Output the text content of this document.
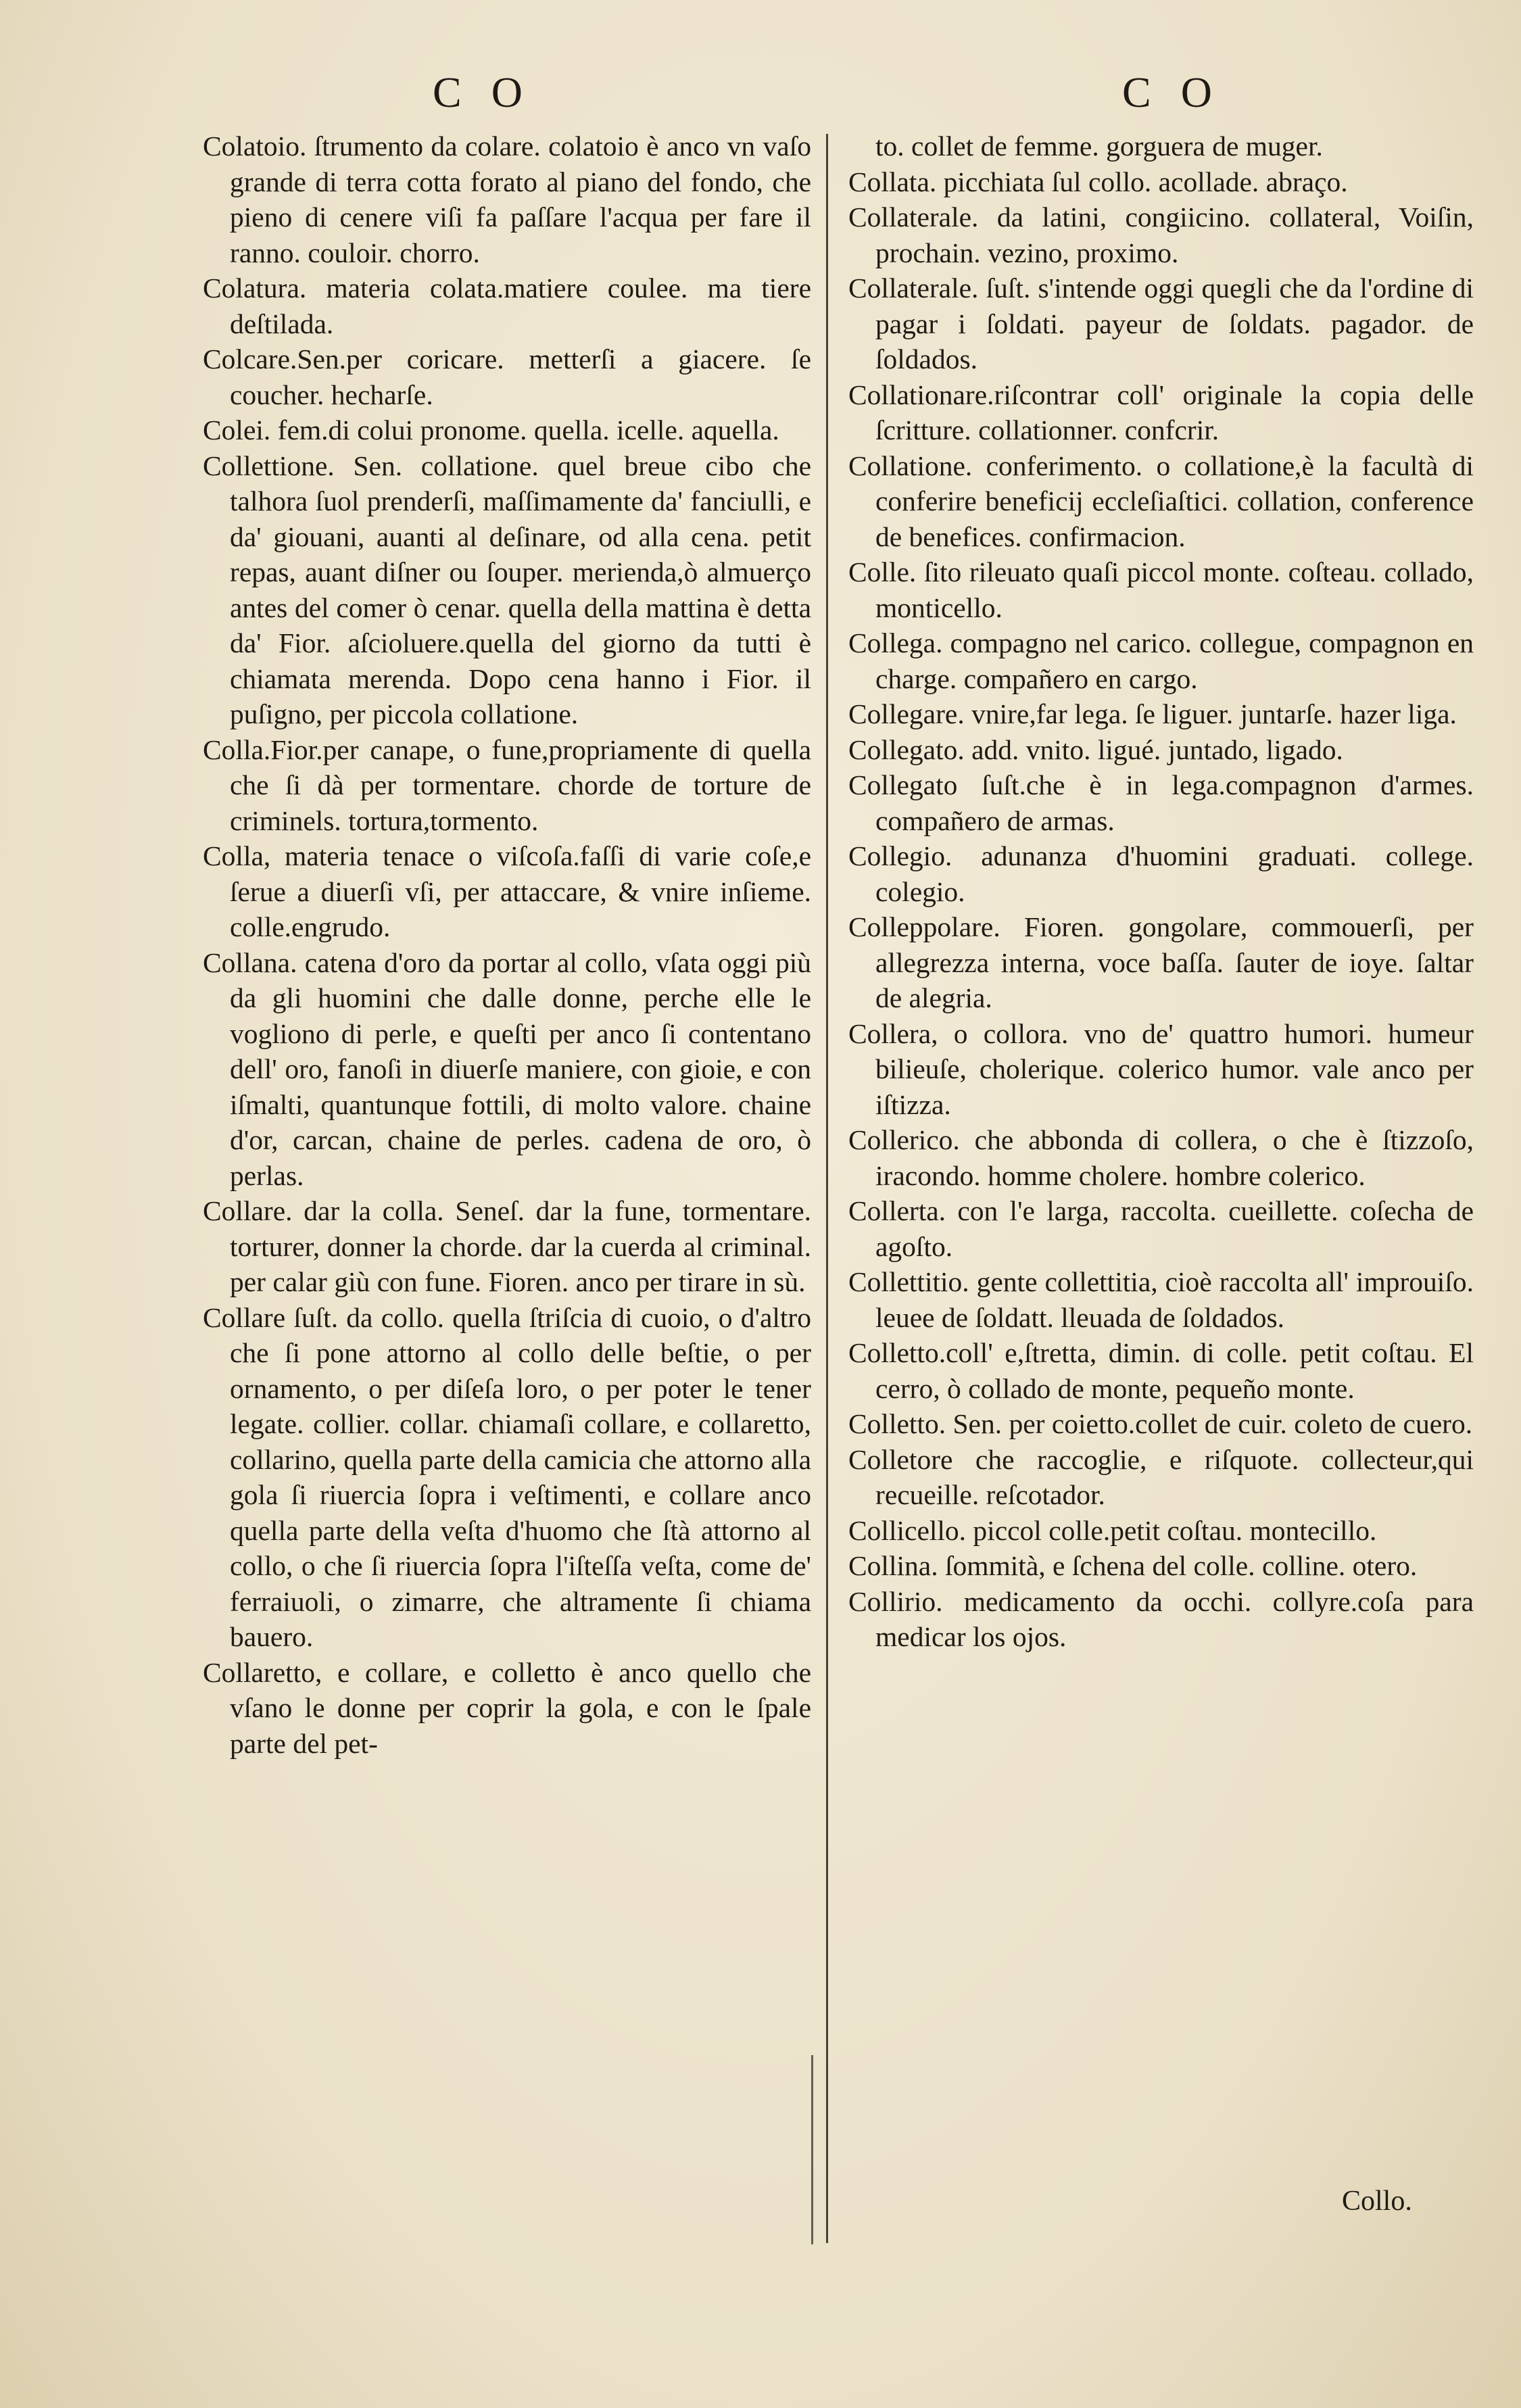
C O	C O

Colatoio. ſtrumento da colare. colatoio è anco vn vaſo grande di terra cotta forato al piano del fondo, che pieno di cenere viſi fa paſſare l'acqua per fare il ranno. couloir. chorro.

Colatura. materia colata.matiere coulee. ma tiere deſtilada.

Colcare.Sen.per coricare. metterſi a giacere. ſe coucher. hecharſe.

Colei. fem.di colui pronome. quella. icelle. aquella.

Collettione. Sen. collatione. quel breue cibo che talhora ſuol prenderſi, maſſimamente da' fanciulli, e da' giouani, auanti al deſinare, od alla cena. petit repas, auant diſner ou ſouper. merienda,ò almuerço antes del comer ò cenar. quella della mattina è detta da' Fior. aſcioluere.quella del giorno da tutti è chiamata merenda. Dopo cena hanno i Fior. il puſigno, per piccola collatione.

Colla.Fior.per canape, o fune,propriamente di quella che ſi dà per tormentare. chorde de torture de criminels. tortura,tormento.

Colla, materia tenace o viſcoſa.faſſi di varie coſe,e ſerue a diuerſi vſi, per attaccare, & vnire inſieme. colle.engrudo.

Collana. catena d'oro da portar al collo, vſata oggi più da gli huomini che dalle donne, perche elle le vogliono di perle, e queſti per anco ſi contentano dell' oro, fanoſi in diuerſe maniere, con gioie, e con iſmalti, quantunque fottili, di molto valore. chaine d'or, carcan, chaine de perles. cadena de oro, ò perlas.

Collare. dar la colla. Seneſ. dar la fune, tormentare. torturer, donner la chorde. dar la cuerda al criminal. per calar giù con fune. Fioren. anco per tirare in sù.

Collare ſuſt. da collo. quella ſtriſcia di cuoio, o d'altro che ſi pone attorno al collo delle beſtie, o per ornamento, o per diſeſa loro, o per poter le tener legate. collier. collar. chiamaſi collare, e collaretto, collarino, quella parte della camicia che attorno alla gola ſi riuercia ſopra i veſtimenti, e collare anco quella parte della veſta d'huomo che ſtà attorno al collo, o che ſi riuercia ſopra l'iſteſſa veſta, come de' ferraiuoli, o zimarre, che altramente ſi chiama bauero.

Collaretto, e collare, e colletto è anco quello che vſano le donne per coprir la gola, e con le ſpale parte del pet-

to. collet de femme. gorguera de muger.

Collata. picchiata ſul collo. acollade. abraço.

Collaterale. da latini, congiicino. collateral, Voiſin, prochain. vezino, proximo.

Collaterale. ſuſt. s'intende oggi quegli che da l'ordine di pagar i ſoldati. payeur de ſoldats. pagador. de ſoldados.

Collationare.riſcontrar coll' originale la copia delle ſcritture. collationner. confcrir.

Collatione. conferimento. o collatione,è la facultà di conferire beneficij eccleſiaſtici. collation, conference de benefices. confirmacion.

Colle. ſito rileuato quaſi piccol monte. coſteau. collado, monticello.

Collega. compagno nel carico. collegue, compagnon en charge. compañero en cargo.

Collegare. vnire,far lega. ſe liguer. juntarſe. hazer liga.

Collegato. add. vnito. ligué. juntado, ligado.

Collegato ſuſt.che è in lega.compagnon d'armes. compañero de armas.

Collegio. adunanza d'huomini graduati. college. colegio.

Colleppolare. Fioren. gongolare, commouerſi, per allegrezza interna, voce baſſa. ſauter de ioye. ſaltar de alegria.

Collera, o collora. vno de' quattro humori. humeur bilieuſe, cholerique. colerico humor. vale anco per iſtizza.

Collerico. che abbonda di collera, o che è ſtizzoſo, iracondo. homme cholere. hombre colerico.

Collerta. con l'e larga, raccolta. cueillette. coſecha de agoſto.

Collettitio. gente collettitia, cioè raccolta all' improuiſo. leuee de ſoldatt. lleuada de ſoldados.

Colletto.coll' e,ſtretta, dimin. di colle. petit coſtau. El cerro, ò collado de monte, pequeño monte.

Colletto. Sen. per coietto.collet de cuir. coleto de cuero.

Colletore che raccoglie, e riſquote. collecteur,qui recueille. reſcotador.

Collicello. piccol colle.petit coſtau. montecillo.

Collina. ſommità, e ſchena del colle. colline. otero.

Collirio. medicamento da occhi. collyre.coſa para medicar los ojos.

Collo.
